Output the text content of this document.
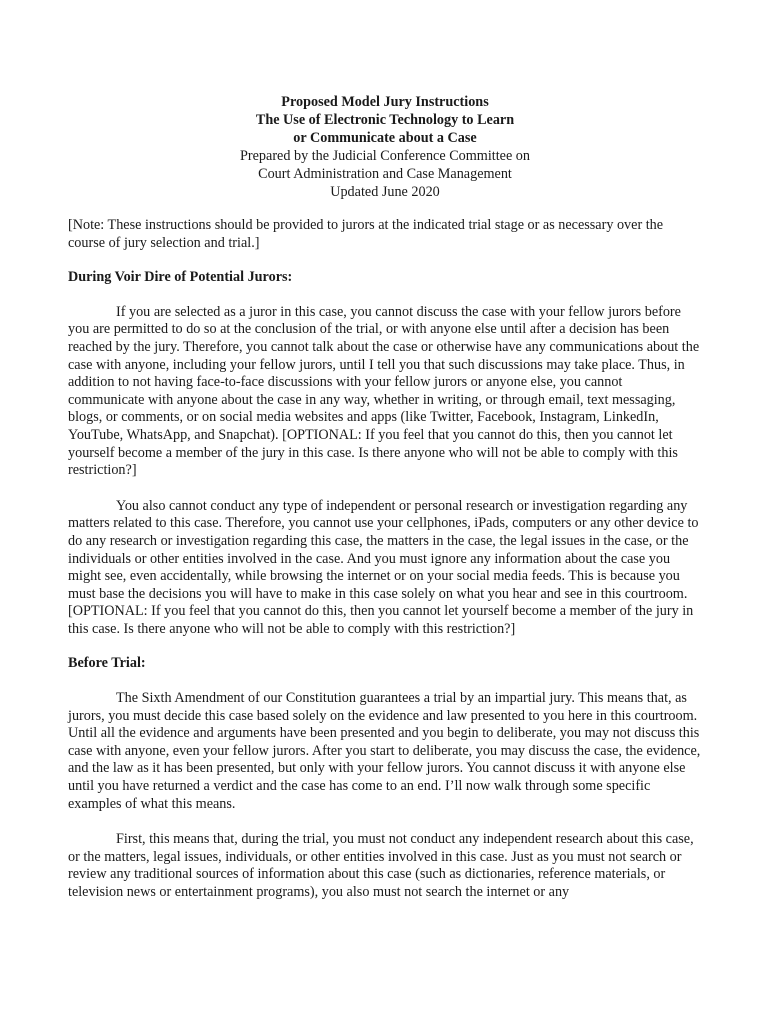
Proposed Model Jury Instructions
The Use of Electronic Technology to Learn
or Communicate about a Case
Prepared by the Judicial Conference Committee on
Court Administration and Case Management
Updated June 2020
[Note: These instructions should be provided to jurors at the indicated trial stage or as necessary over the course of jury selection and trial.]
During Voir Dire of Potential Jurors:
If you are selected as a juror in this case, you cannot discuss the case with your fellow jurors before you are permitted to do so at the conclusion of the trial, or with anyone else until after a decision has been reached by the jury. Therefore, you cannot talk about the case or otherwise have any communications about the case with anyone, including your fellow jurors, until I tell you that such discussions may take place. Thus, in addition to not having face-to-face discussions with your fellow jurors or anyone else, you cannot communicate with anyone about the case in any way, whether in writing, or through email, text messaging, blogs, or comments, or on social media websites and apps (like Twitter, Facebook, Instagram, LinkedIn, YouTube, WhatsApp, and Snapchat). [OPTIONAL: If you feel that you cannot do this, then you cannot let yourself become a member of the jury in this case. Is there anyone who will not be able to comply with this restriction?]
You also cannot conduct any type of independent or personal research or investigation regarding any matters related to this case. Therefore, you cannot use your cellphones, iPads, computers or any other device to do any research or investigation regarding this case, the matters in the case, the legal issues in the case, or the individuals or other entities involved in the case. And you must ignore any information about the case you might see, even accidentally, while browsing the internet or on your social media feeds. This is because you must base the decisions you will have to make in this case solely on what you hear and see in this courtroom. [OPTIONAL: If you feel that you cannot do this, then you cannot let yourself become a member of the jury in this case. Is there anyone who will not be able to comply with this restriction?]
Before Trial:
The Sixth Amendment of our Constitution guarantees a trial by an impartial jury. This means that, as jurors, you must decide this case based solely on the evidence and law presented to you here in this courtroom. Until all the evidence and arguments have been presented and you begin to deliberate, you may not discuss this case with anyone, even your fellow jurors. After you start to deliberate, you may discuss the case, the evidence, and the law as it has been presented, but only with your fellow jurors. You cannot discuss it with anyone else until you have returned a verdict and the case has come to an end. I’ll now walk through some specific examples of what this means.
First, this means that, during the trial, you must not conduct any independent research about this case, or the matters, legal issues, individuals, or other entities involved in this case. Just as you must not search or review any traditional sources of information about this case (such as dictionaries, reference materials, or television news or entertainment programs), you also must not search the internet or any
